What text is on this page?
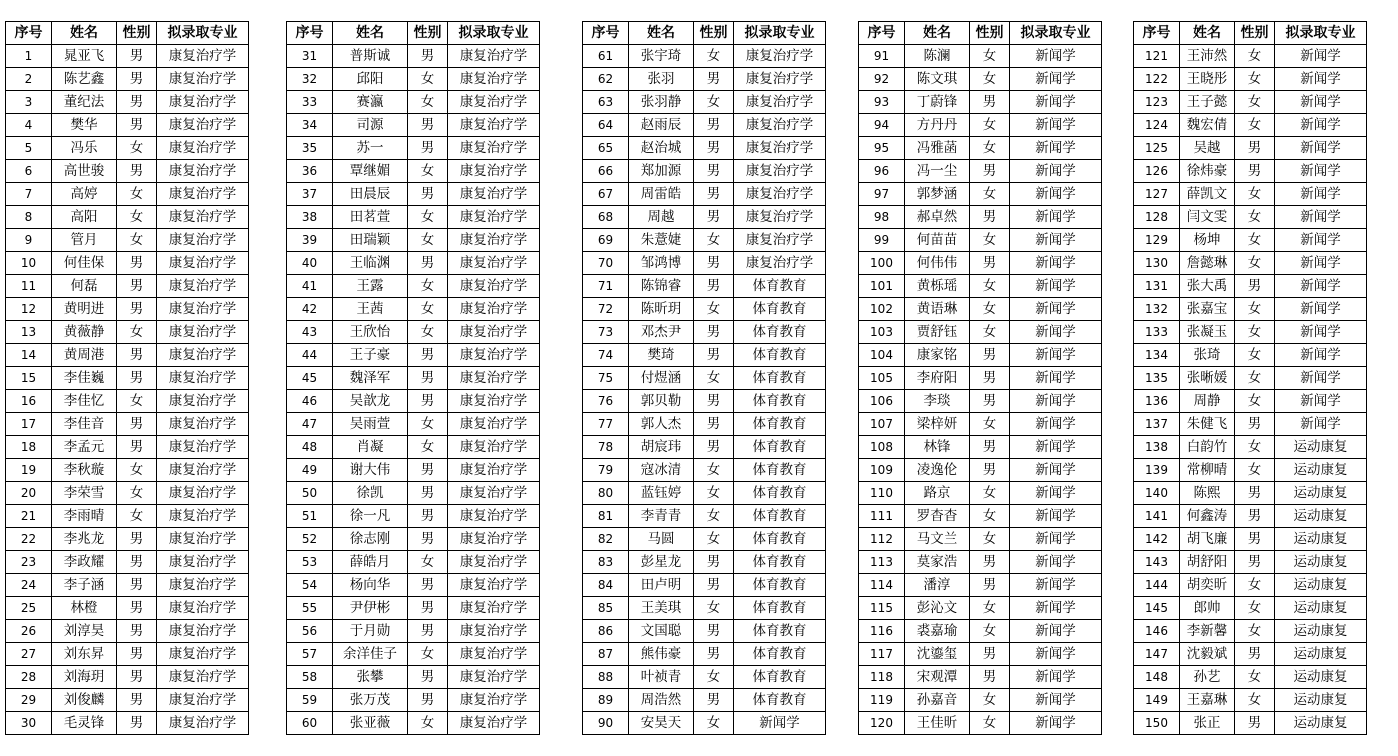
序号	姓名	性别	拟录取专业
1	晁亚飞	男	康复治疗学
2	陈艺鑫	男	康复治疗学
3	董纪法	男	康复治疗学
4	樊华	男	康复治疗学
5	冯乐	女	康复治疗学
6	高世骏	男	康复治疗学
7	高婷	女	康复治疗学
8	高阳	女	康复治疗学
9	管月	女	康复治疗学
10	何佳保	男	康复治疗学
11	何磊	男	康复治疗学
12	黄明进	男	康复治疗学
13	黄薇静	女	康复治疗学
14	黄周港	男	康复治疗学
15	李佳巍	男	康复治疗学
16	李佳忆	女	康复治疗学
17	李佳音	男	康复治疗学
18	李孟元	男	康复治疗学
19	李秋璇	女	康复治疗学
20	李荣雪	女	康复治疗学
21	李雨晴	女	康复治疗学
22	李兆龙	男	康复治疗学
23	李政耀	男	康复治疗学
24	李子涵	男	康复治疗学
25	林橙	男	康复治疗学
26	刘淳昊	男	康复治疗学
27	刘东昇	男	康复治疗学
28	刘海玥	男	康复治疗学
29	刘俊麟	男	康复治疗学
30	毛灵锋	男	康复治疗学
序号	姓名	性别	拟录取专业
31	普斯诚	男	康复治疗学
32	邱阳	女	康复治疗学
33	赛瀛	女	康复治疗学
34	司源	男	康复治疗学
35	苏一	男	康复治疗学
36	覃继媚	女	康复治疗学
37	田晨辰	男	康复治疗学
38	田茗萱	女	康复治疗学
39	田瑞颖	女	康复治疗学
40	王临渊	男	康复治疗学
41	王露	女	康复治疗学
42	王茜	女	康复治疗学
43	王欣怡	女	康复治疗学
44	王子豪	男	康复治疗学
45	魏泽军	男	康复治疗学
46	吴歆龙	男	康复治疗学
47	吴雨萱	女	康复治疗学
48	肖凝	女	康复治疗学
49	谢大伟	男	康复治疗学
50	徐凯	男	康复治疗学
51	徐一凡	男	康复治疗学
52	徐志刚	男	康复治疗学
53	薛皓月	女	康复治疗学
54	杨向华	男	康复治疗学
55	尹伊彬	男	康复治疗学
56	于月勋	男	康复治疗学
57	余洋佳子	女	康复治疗学
58	张攀	男	康复治疗学
59	张万茂	男	康复治疗学
60	张亚薇	女	康复治疗学
序号	姓名	性别	拟录取专业
61	张宇琦	女	康复治疗学
62	张羽	男	康复治疗学
63	张羽静	女	康复治疗学
64	赵雨辰	男	康复治疗学
65	赵治城	男	康复治疗学
66	郑加源	男	康复治疗学
67	周雷皓	男	康复治疗学
68	周越	男	康复治疗学
69	朱薏婕	女	康复治疗学
70	邹鸿博	男	康复治疗学
71	陈锦睿	男	体育教育
72	陈昕玥	女	体育教育
73	邓杰尹	男	体育教育
74	樊琦	男	体育教育
75	付煜涵	女	体育教育
76	郭贝勒	男	体育教育
77	郭人杰	男	体育教育
78	胡宸玮	男	体育教育
79	寇冰清	女	体育教育
80	蓝钰婷	女	体育教育
81	李青青	女	体育教育
82	马圆	女	体育教育
83	彭星龙	男	体育教育
84	田卢明	男	体育教育
85	王美琪	女	体育教育
86	文国聪	男	体育教育
87	熊伟豪	男	体育教育
88	叶祯青	女	体育教育
89	周浩然	男	体育教育
90	安昊天	女	新闻学
序号	姓名	性别	拟录取专业
91	陈澜	女	新闻学
92	陈文琪	女	新闻学
93	丁蔚锋	男	新闻学
94	方丹丹	女	新闻学
95	冯雅菡	女	新闻学
96	冯一尘	男	新闻学
97	郭梦涵	女	新闻学
98	郝卓然	男	新闻学
99	何苗苗	女	新闻学
100	何伟伟	男	新闻学
101	黄栎瑶	女	新闻学
102	黄语琳	女	新闻学
103	贾舒钰	女	新闻学
104	康家铭	男	新闻学
105	李府阳	男	新闻学
106	李琰	男	新闻学
107	梁梓妍	女	新闻学
108	林锋	男	新闻学
109	凌逸伦	男	新闻学
110	路京	女	新闻学
111	罗杳杳	女	新闻学
112	马文兰	女	新闻学
113	莫家浩	男	新闻学
114	潘淳	男	新闻学
115	彭沁文	女	新闻学
116	裘嘉瑜	女	新闻学
117	沈鎏玺	男	新闻学
118	宋观潭	男	新闻学
119	孙嘉音	女	新闻学
120	王佳昕	女	新闻学
序号	姓名	性别	拟录取专业
121	王沛然	女	新闻学
122	王晓彤	女	新闻学
123	王子懿	女	新闻学
124	魏宏倩	女	新闻学
125	吴越	男	新闻学
126	徐炜豪	男	新闻学
127	薛凯文	女	新闻学
128	闫文雯	女	新闻学
129	杨坤	女	新闻学
130	詹懿琳	女	新闻学
131	张大禹	男	新闻学
132	张嘉宝	女	新闻学
133	张凝玉	女	新闻学
134	张琦	女	新闻学
135	张晰媛	女	新闻学
136	周静	女	新闻学
137	朱健飞	男	新闻学
138	白韵竹	女	运动康复
139	常柳晴	女	运动康复
140	陈熙	男	运动康复
141	何鑫涛	男	运动康复
142	胡飞廉	男	运动康复
143	胡舒阳	男	运动康复
144	胡奕昕	女	运动康复
145	郎帅	女	运动康复
146	李新馨	女	运动康复
147	沈毅斌	男	运动康复
148	孙艺	女	运动康复
149	王嘉琳	女	运动康复
150	张正	男	运动康复
